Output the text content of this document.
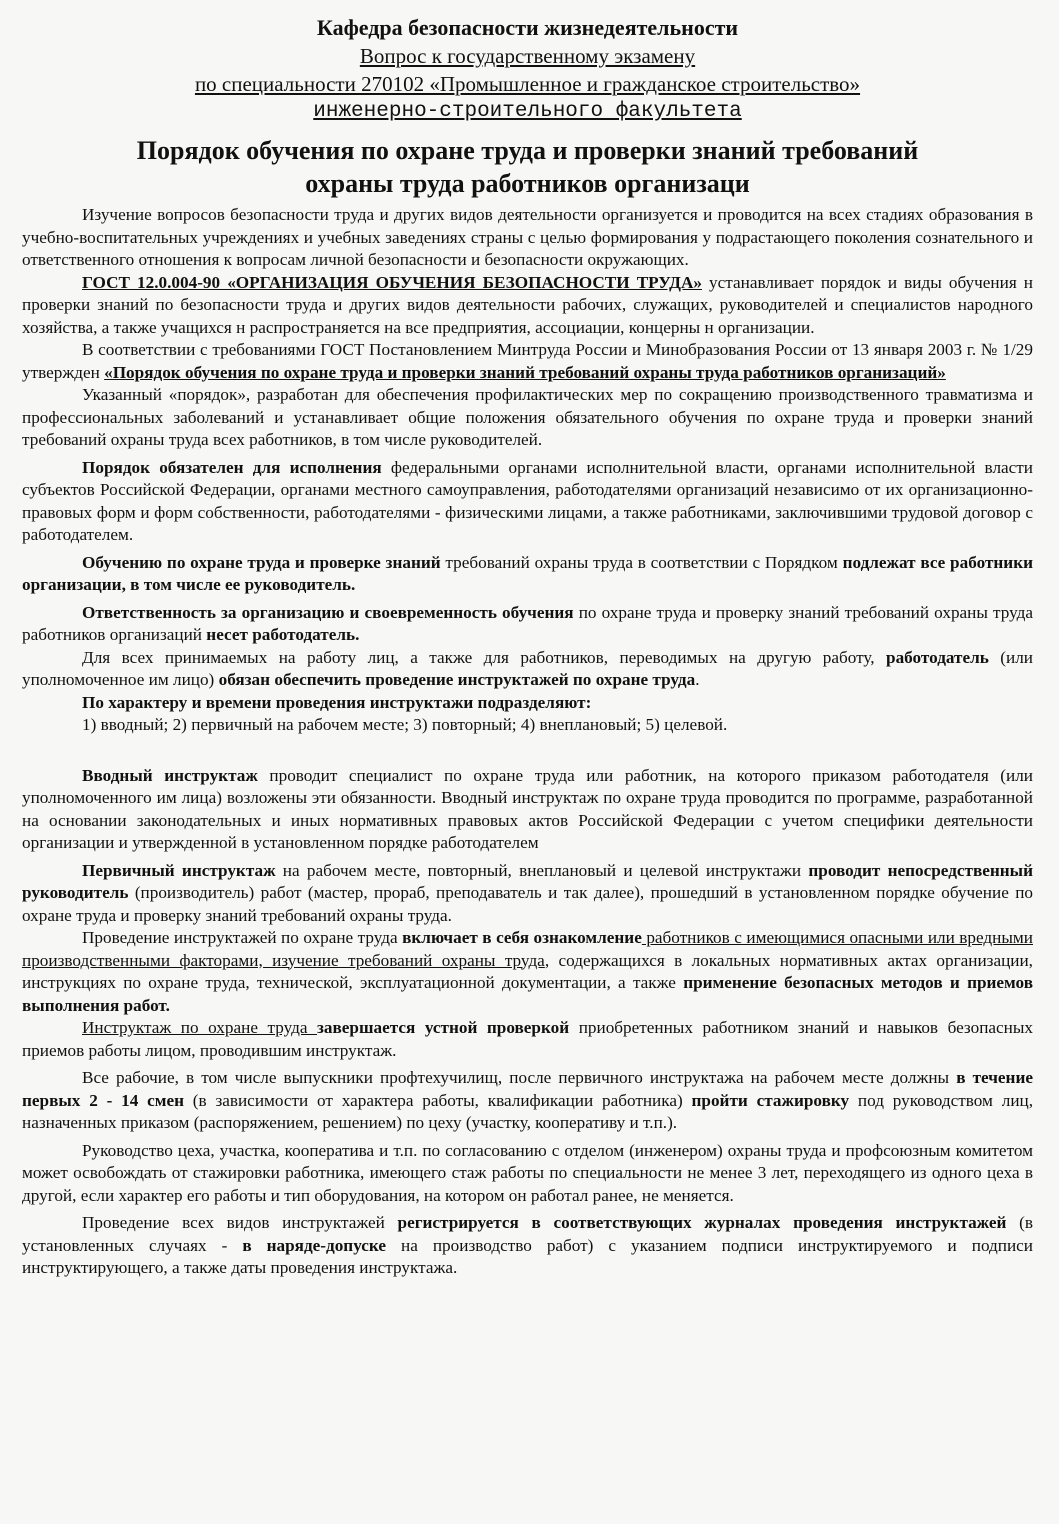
Кафедра безопасности жизнедеятельности
Вопрос к государственному экзамену
по специальности 270102 «Промышленное и гражданское строительство»
инженерно-строительного факультета
Порядок обучения по охране труда и проверки знаний требований
охраны труда работников организаци

Изучение вопросов безопасности труда и других видов деятельности организуется и проводится на всех стадиях образования в учебно-воспитательных учреждениях и учебных заведениях страны с целью формирования у подрастающего поколения сознательного и ответственного отношения к вопросам личной безопасности и безопасности окружающих.

ГОСТ 12.0.004-90 «ОРГАНИЗАЦИЯ ОБУЧЕНИЯ БЕЗОПАСНОСТИ ТРУДА» устанавливает порядок и виды обучения н проверки знаний по безопасности труда и других видов деятельности рабочих, служащих, руководителей и специалистов народного хозяйства, а также учащихся н распространяется на все предприятия, ассоциации, концерны н организации.

В соответствии с требованиями ГОСТ Постановлением Минтруда России и Минобразования России от 13 января 2003 г. № 1/29 утвержден «Порядок обучения по охране труда и проверки знаний требований охраны труда работников организаций»

Указанный «порядок», разработан для обеспечения профилактических мер по сокращению производственного травматизма и профессиональных заболеваний и устанавливает общие положения обязательного обучения по охране труда и проверки знаний требований охраны труда всех работников, в том числе руководителей.

Порядок обязателен для исполнения федеральными органами исполнительной власти, органами исполнительной власти субъектов Российской Федерации, органами местного самоуправления, работодателями организаций независимо от их организационно-правовых форм и форм собственности, работодателями - физическими лицами, а также работниками, заключившими трудовой договор с работодателем.

Обучению по охране труда и проверке знаний требований охраны труда в соответствии с Порядком подлежат все работники организации, в том числе ее руководитель.

Ответственность за организацию и своевременность обучения по охране труда и проверку знаний требований охраны труда работников организаций несет работодатель.

Для всех принимаемых на работу лиц, а также для работников, переводимых на другую работу, работодатель (или уполномоченное им лицо) обязан обеспечить проведение инструктажей по охране труда.

По характеру и времени проведения инструктажи подразделяют:

1) вводный; 2) первичный на рабочем месте; 3) повторный; 4) внеплановый; 5) целевой.

Вводный инструктаж проводит специалист по охране труда или работник, на которого приказом работодателя (или уполномоченного им лица) возложены эти обязанности. Вводный инструктаж по охране труда проводится по программе, разработанной на основании законодательных и иных нормативных правовых актов Российской Федерации с учетом специфики деятельности организации и утвержденной в установленном порядке работодателем

Первичный инструктаж на рабочем месте, повторный, внеплановый и целевой инструктажи проводит непосредственный руководитель (производитель) работ (мастер, прораб, преподаватель и так далее), прошедший в установленном порядке обучение по охране труда и проверку знаний требований охраны труда.

Проведение инструктажей по охране труда включает в себя ознакомление работников с имеющимися опасными или вредными производственными факторами, изучение требований охраны труда, содержащихся в локальных нормативных актах организации, инструкциях по охране труда, технической, эксплуатационной документации, а также применение безопасных методов и приемов выполнения работ.

Инструктаж по охране труда завершается устной проверкой приобретенных работником знаний и навыков безопасных приемов работы лицом, проводившим инструктаж.

Все рабочие, в том числе выпускники профтехучилищ, после первичного инструктажа на рабочем месте должны в течение первых 2 - 14 смен (в зависимости от характера работы, квалификации работника) пройти стажировку под руководством лиц, назначенных приказом (распоряжением, решением) по цеху (участку, кооперативу и т.п.).

Руководство цеха, участка, кооператива и т.п. по согласованию с отделом (инженером) охраны труда и профсоюзным комитетом может освобождать от стажировки работника, имеющего стаж работы по специальности не менее 3 лет, переходящего из одного цеха в другой, если характер его работы и тип оборудования, на котором он работал ранее, не меняется.

Проведение всех видов инструктажей регистрируется в соответствующих журналах проведения инструктажей (в установленных случаях - в наряде-допуске на производство работ) с указанием подписи инструктируемого и подписи инструктирующего, а также даты проведения инструктажа.
